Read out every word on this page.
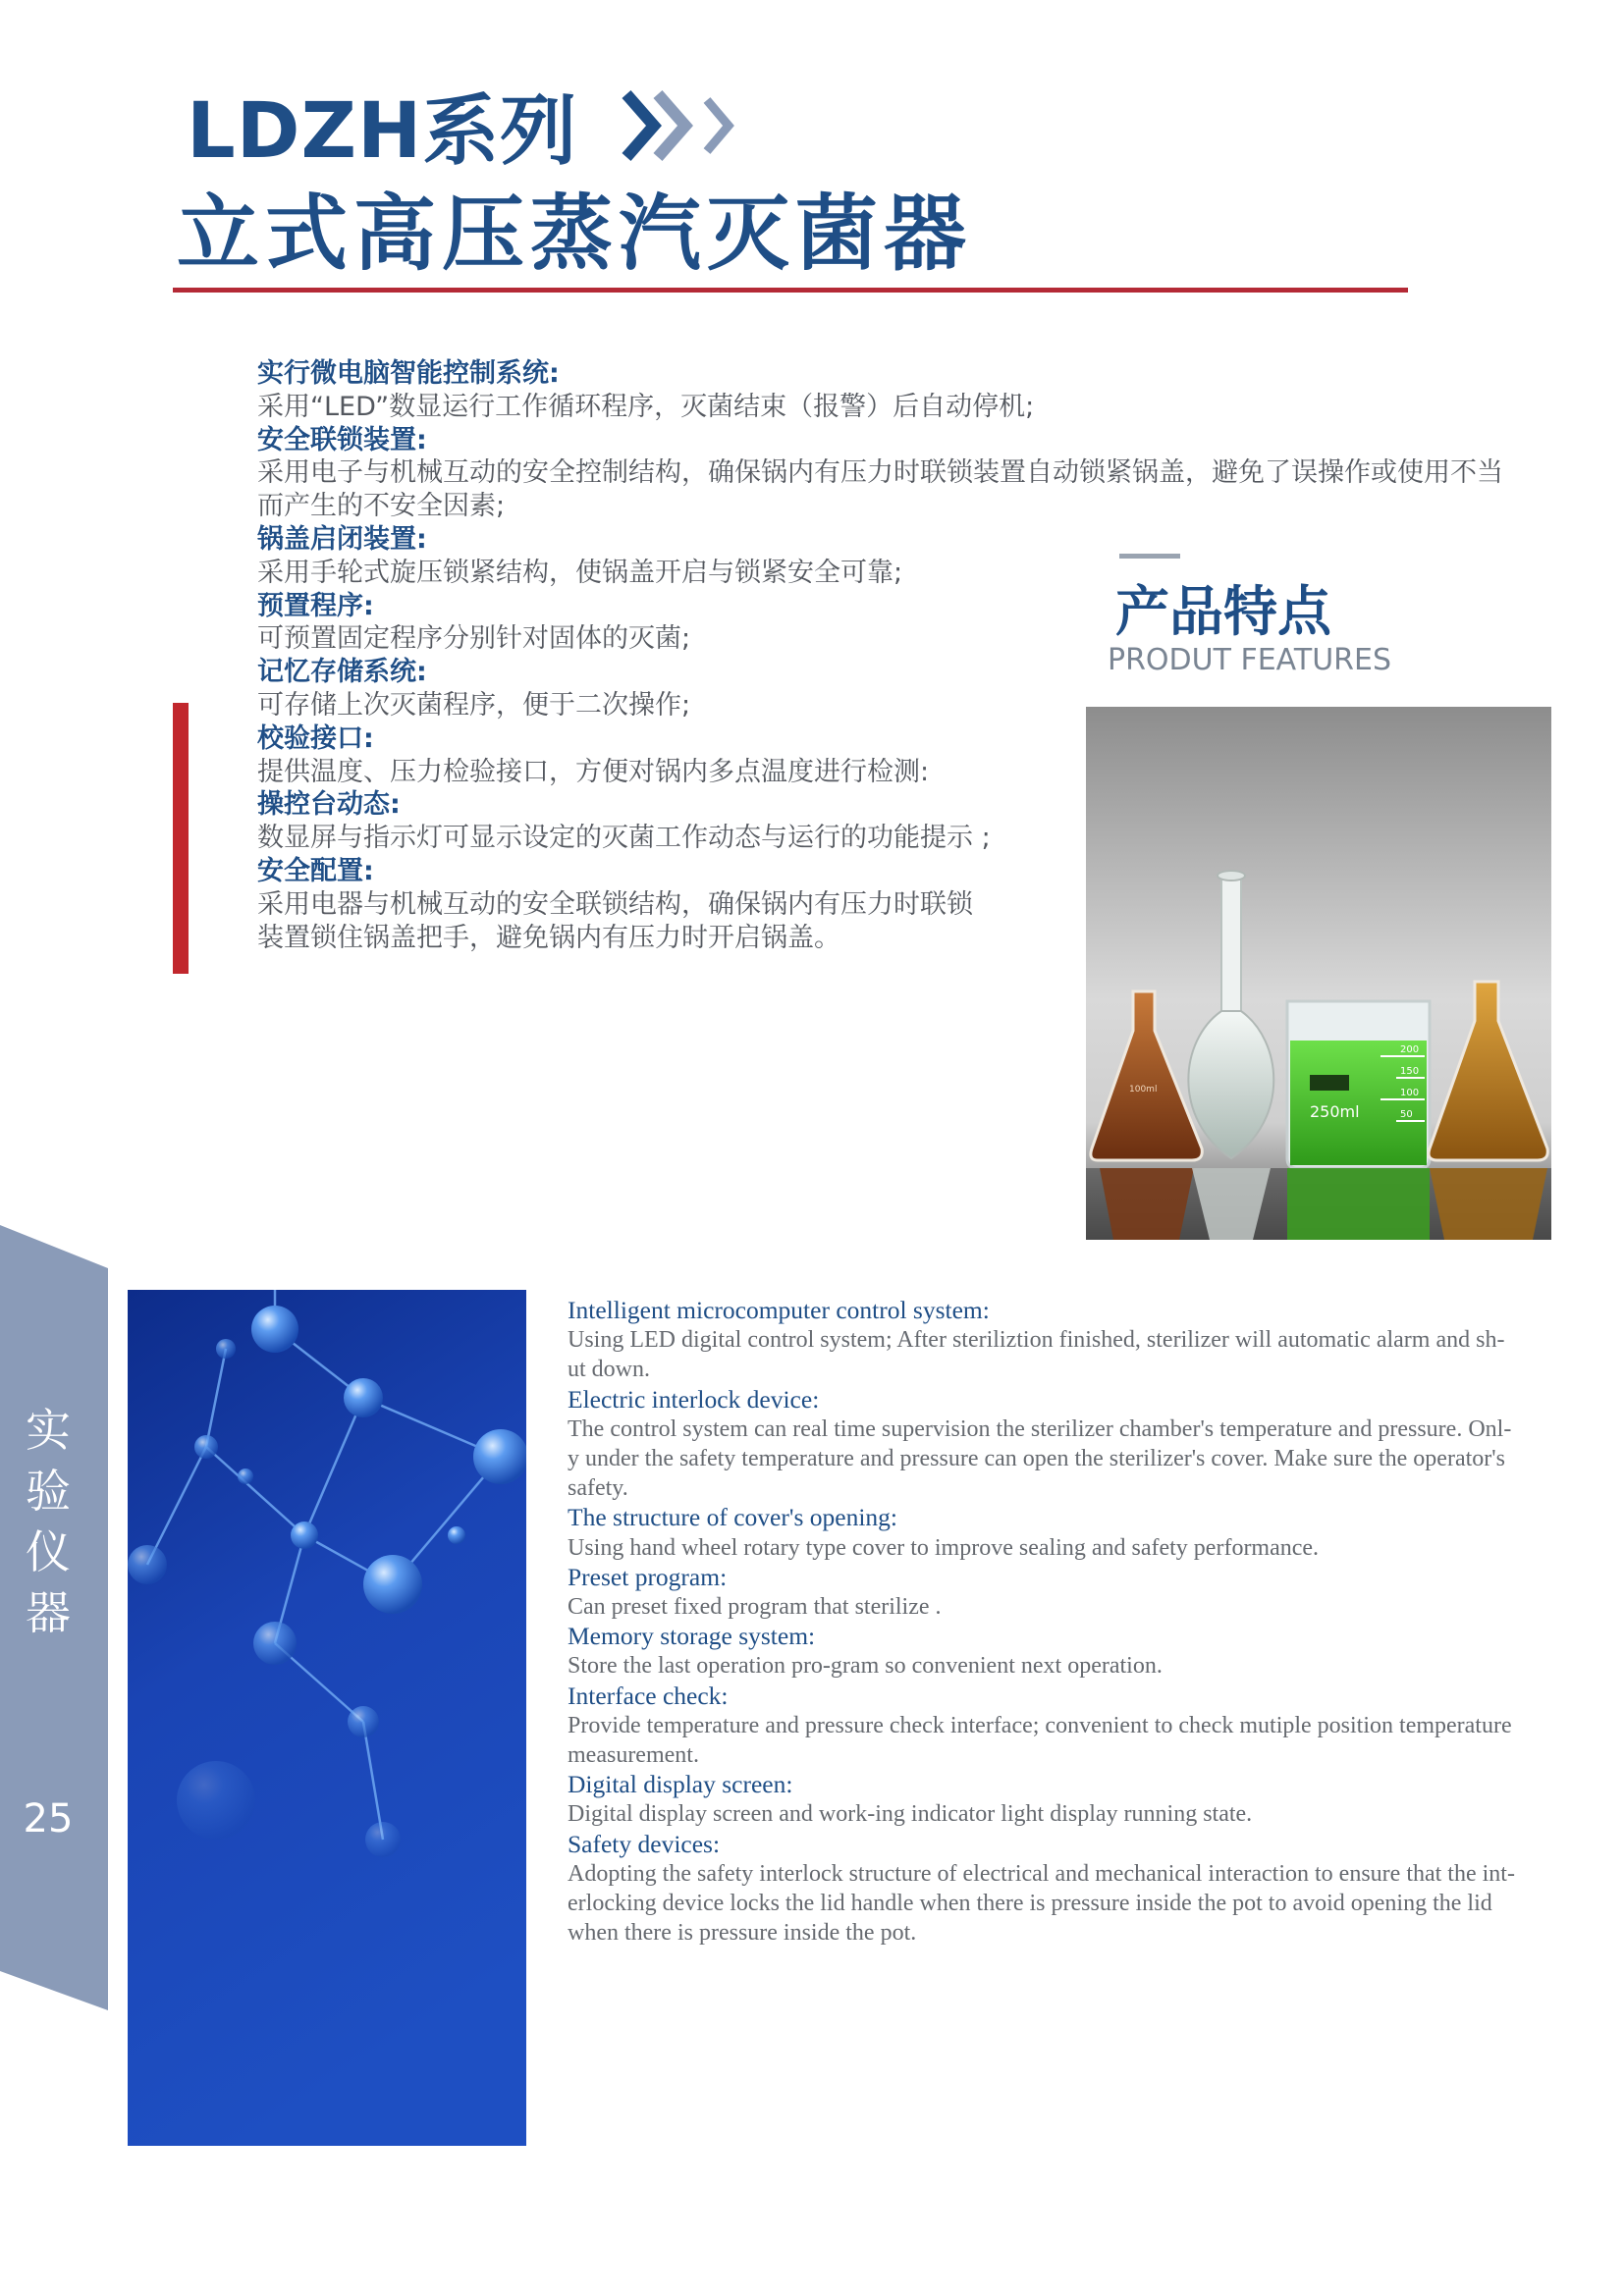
LDZH系列
立式高压蒸汽灭菌器
实行微电脑智能控制系统:
采用“LED”数显运行工作循环程序，灭菌结束（报警）后自动停机;
安全联锁装置:
采用电子与机械互动的安全控制结构，确保锅内有压力时联锁装置自动锁紧锅盖，避免了误操作或使用不当
而产生的不安全因素;
锅盖启闭装置:
采用手轮式旋压锁紧结构，使锅盖开启与锁紧安全可靠;
预置程序:
可预置固定程序分别针对固体的灭菌;
记忆存储系统:
可存储上次灭菌程序，便于二次操作;
校验接口:
提供温度、压力检验接口，方便对锅内多点温度进行检测:
操控台动态:
数显屏与指示灯可显示设定的灭菌工作动态与运行的功能提示 ;
安全配置:
采用电器与机械互动的安全联锁结构，确保锅内有压力时联锁
装置锁住锅盖把手，避免锅内有压力时开启锅盖。
产品特点
PRODUT FEATURES
100ml
250ml
200
150
100
50
实
验
仪
器
25
Intelligent microcomputer control system:
Using LED digital control system; After steriliztion finished, sterilizer will automatic alarm and sh-
ut down.
Electric interlock device:
The control system can real time supervision the sterilizer chamber's temperature and pressure. Onl-
y under the safety temperature and pressure can open the sterilizer's cover. Make sure the operator's
safety.
The structure of cover's opening:
Using hand wheel rotary type cover to improve sealing and safety performance.
Preset program:
Can preset fixed program that sterilize .
Memory storage system:
Store the last operation pro-gram so convenient next operation.
Interface check:
Provide temperature and pressure check interface; convenient to check mutiple position temperature
measurement.
Digital display screen:
Digital display screen and work-ing indicator light display running state.
Safety devices:
Adopting the safety interlock structure of electrical and mechanical interaction to ensure that the int-
erlocking device locks the lid handle when there is pressure inside the pot to avoid opening the lid
when there is pressure inside the pot.
